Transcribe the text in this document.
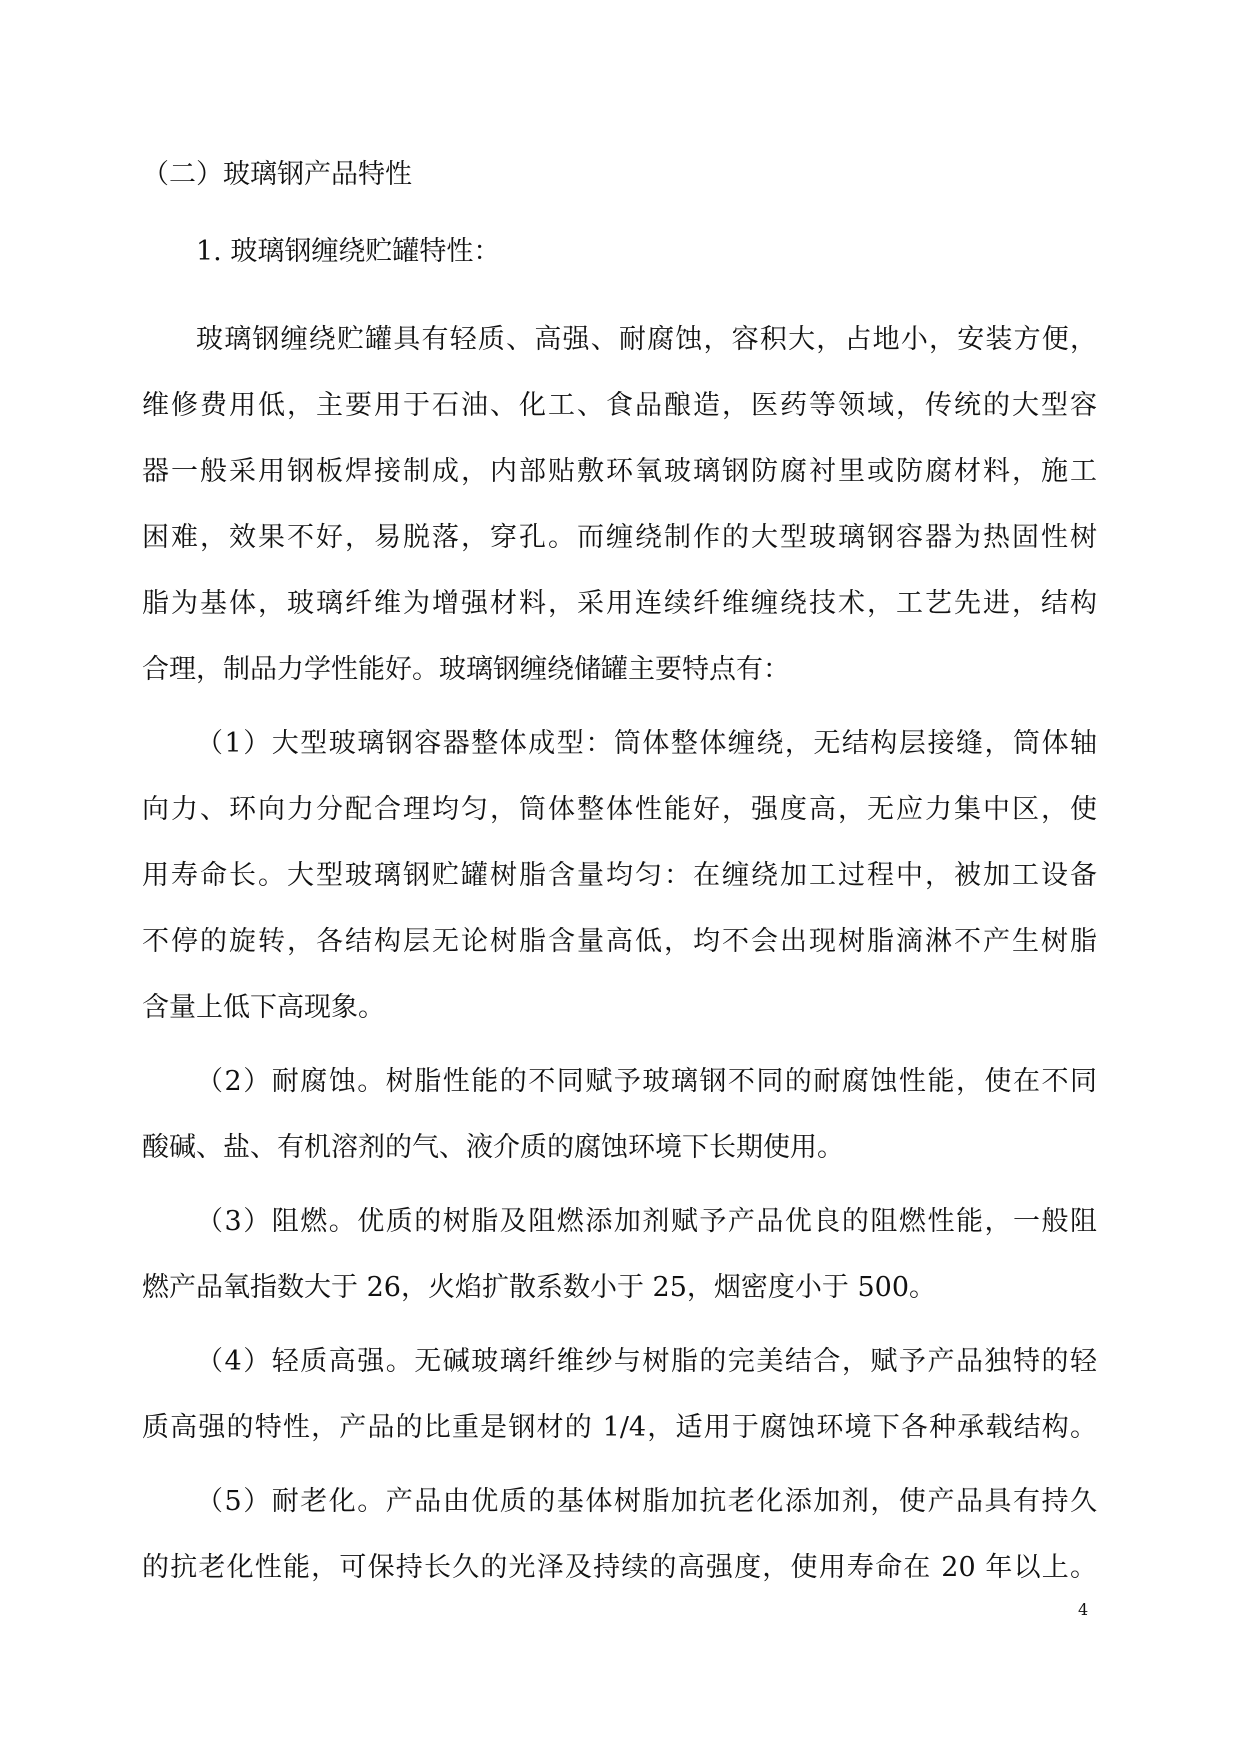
（二）玻璃钢产品特性
1. 玻璃钢缠绕贮罐特性：
玻璃钢缠绕贮罐具有轻质、高强、耐腐蚀，容积大，占地小，安装方便，
维修费用低，主要用于石油、化工、食品酿造，医药等领域，传统的大型容
器一般采用钢板焊接制成，内部贴敷环氧玻璃钢防腐衬里或防腐材料，施工
困难，效果不好，易脱落，穿孔。而缠绕制作的大型玻璃钢容器为热固性树
脂为基体，玻璃纤维为增强材料，采用连续纤维缠绕技术，工艺先进，结构
合理，制品力学性能好。玻璃钢缠绕储罐主要特点有：
（1）大型玻璃钢容器整体成型：筒体整体缠绕，无结构层接缝，筒体轴
向力、环向力分配合理均匀，筒体整体性能好，强度高，无应力集中区，使
用寿命长。大型玻璃钢贮罐树脂含量均匀：在缠绕加工过程中，被加工设备
不停的旋转，各结构层无论树脂含量高低，均不会出现树脂滴淋不产生树脂
含量上低下高现象。
（2）耐腐蚀。树脂性能的不同赋予玻璃钢不同的耐腐蚀性能，使在不同
酸碱、盐、有机溶剂的气、液介质的腐蚀环境下长期使用。
（3）阻燃。优质的树脂及阻燃添加剂赋予产品优良的阻燃性能，一般阻
燃产品氧指数大于 26，火焰扩散系数小于 25，烟密度小于 500。
（4）轻质高强。无碱玻璃纤维纱与树脂的完美结合，赋予产品独特的轻
质高强的特性，产品的比重是钢材的 1/4，适用于腐蚀环境下各种承载结构。
（5）耐老化。产品由优质的基体树脂加抗老化添加剂，使产品具有持久
的抗老化性能，可保持长久的光泽及持续的高强度，使用寿命在 20 年以上。
4
